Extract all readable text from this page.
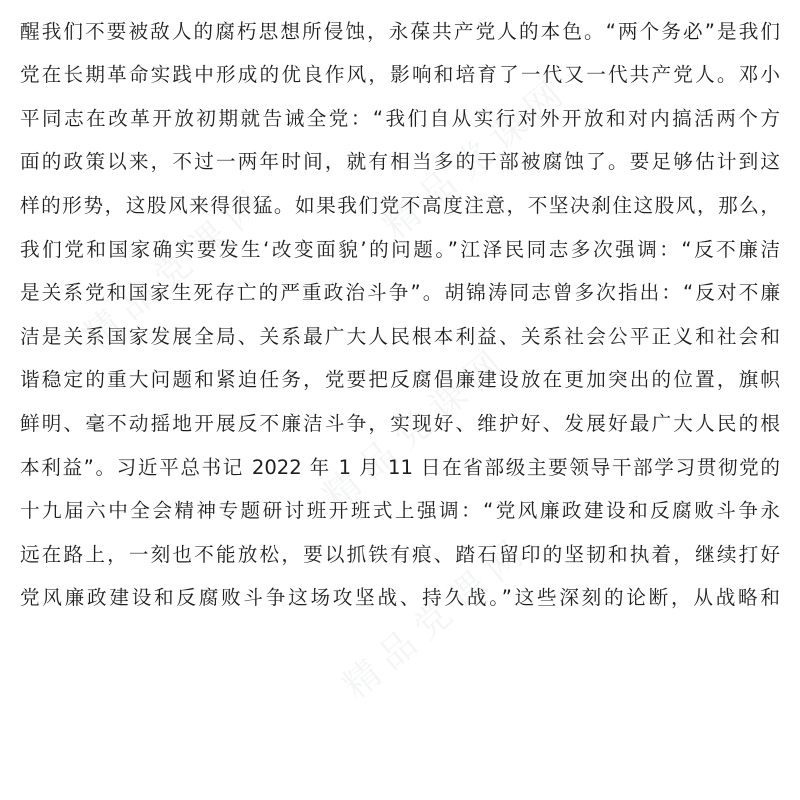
醒我们不要被敌人的腐朽思想所侵蚀，永葆共产党人的本色。“两个务必”是我们
党在长期革命实践中形成的优良作风，影响和培育了一代又一代共产党人。邓小
平同志在改革开放初期就告诫全党：“我们自从实行对外开放和对内搞活两个方
面的政策以来，不过一两年时间，就有相当多的干部被腐蚀了。要足够估计到这
样的形势，这股风来得很猛。如果我们党不高度注意，不坚决刹住这股风，那么，
我们党和国家确实要发生‘改变面貌’的问题。”江泽民同志多次强调：“反不廉洁
是关系党和国家生死存亡的严重政治斗争”。胡锦涛同志曾多次指出：“反对不廉
洁是关系国家发展全局、关系最广大人民根本利益、关系社会公平正义和社会和
谐稳定的重大问题和紧迫任务，党要把反腐倡廉建设放在更加突出的位置，旗帜
鲜明、毫不动摇地开展反不廉洁斗争，实现好、维护好、发展好最广大人民的根
本利益”。习近平总书记 2022 年 1 月 11 日在省部级主要领导干部学习贯彻党的
十九届六中全会精神专题研讨班开班式上强调：“党风廉政建设和反腐败斗争永
远在路上，一刻也不能放松，要以抓铁有痕、踏石留印的坚韧和执着，继续打好
党风廉政建设和反腐败斗争这场攻坚战、持久战。”这些深刻的论断，从战略和
精品党课网
精品党课网
精品党课网
精品党课网
